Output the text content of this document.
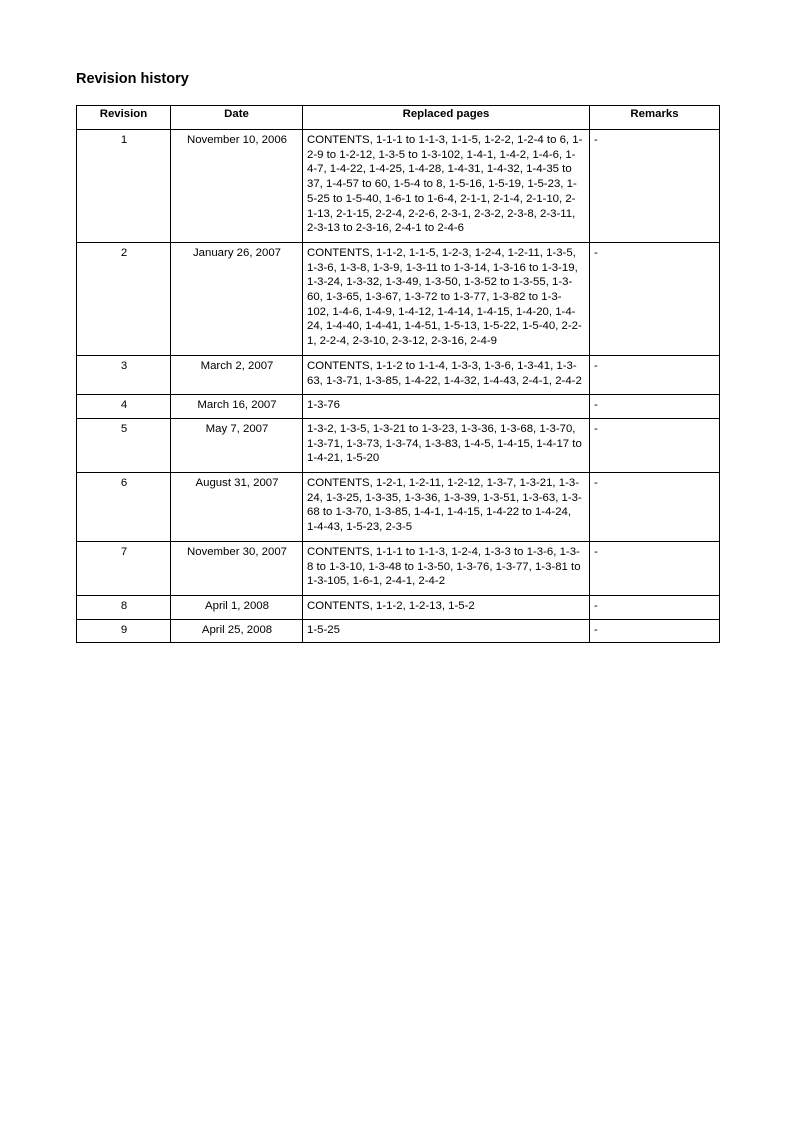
Revision history
Revision	Date	Replaced pages	Remarks
1	November 10, 2006	CONTENTS, 1-1-1 to 1-1-3, 1-1-5, 1-2-2, 1-2-4 to 6, 1-2-9 to 1-2-12, 1-3-5 to 1-3-102, 1-4-1, 1-4-2, 1-4-6, 1-4-7, 1-4-22, 1-4-25, 1-4-28, 1-4-31, 1-4-32, 1-4-35 to 37, 1-4-57 to 60, 1-5-4 to 8, 1-5-16, 1-5-19, 1-5-23, 1-5-25 to 1-5-40, 1-6-1 to 1-6-4, 2-1-1, 2-1-4, 2-1-10, 2-1-13, 2-1-15, 2-2-4, 2-2-6, 2-3-1, 2-3-2, 2-3-8, 2-3-11, 2-3-13 to 2-3-16, 2-4-1 to 2-4-6	-
2	January 26, 2007	CONTENTS, 1-1-2, 1-1-5, 1-2-3, 1-2-4, 1-2-11, 1-3-5, 1-3-6, 1-3-8, 1-3-9, 1-3-11 to 1-3-14, 1-3-16 to 1-3-19, 1-3-24, 1-3-32, 1-3-49, 1-3-50, 1-3-52 to 1-3-55, 1-3-60, 1-3-65, 1-3-67, 1-3-72 to 1-3-77, 1-3-82 to 1-3-102, 1-4-6, 1-4-9, 1-4-12, 1-4-14, 1-4-15, 1-4-20, 1-4-24, 1-4-40, 1-4-41, 1-4-51, 1-5-13, 1-5-22, 1-5-40, 2-2-1, 2-2-4, 2-3-10, 2-3-12, 2-3-16, 2-4-9	-
3	March 2, 2007	CONTENTS, 1-1-2 to 1-1-4, 1-3-3, 1-3-6, 1-3-41, 1-3-63, 1-3-71, 1-3-85, 1-4-22, 1-4-32, 1-4-43, 2-4-1, 2-4-2	-
4	March 16, 2007	1-3-76	-
5	May 7, 2007	1-3-2, 1-3-5, 1-3-21 to 1-3-23, 1-3-36, 1-3-68, 1-3-70, 1-3-71, 1-3-73, 1-3-74, 1-3-83, 1-4-5, 1-4-15, 1-4-17 to 1-4-21, 1-5-20	-
6	August 31, 2007	CONTENTS, 1-2-1, 1-2-11, 1-2-12, 1-3-7, 1-3-21, 1-3-24, 1-3-25, 1-3-35, 1-3-36, 1-3-39, 1-3-51, 1-3-63, 1-3-68 to 1-3-70, 1-3-85, 1-4-1, 1-4-15, 1-4-22 to 1-4-24, 1-4-43, 1-5-23, 2-3-5	-
7	November 30, 2007	CONTENTS, 1-1-1 to 1-1-3, 1-2-4, 1-3-3 to 1-3-6, 1-3-8 to 1-3-10, 1-3-48 to 1-3-50, 1-3-76, 1-3-77, 1-3-81 to 1-3-105, 1-6-1, 2-4-1, 2-4-2	-
8	April 1, 2008	CONTENTS, 1-1-2, 1-2-13, 1-5-2	-
9	April 25, 2008	1-5-25	-
